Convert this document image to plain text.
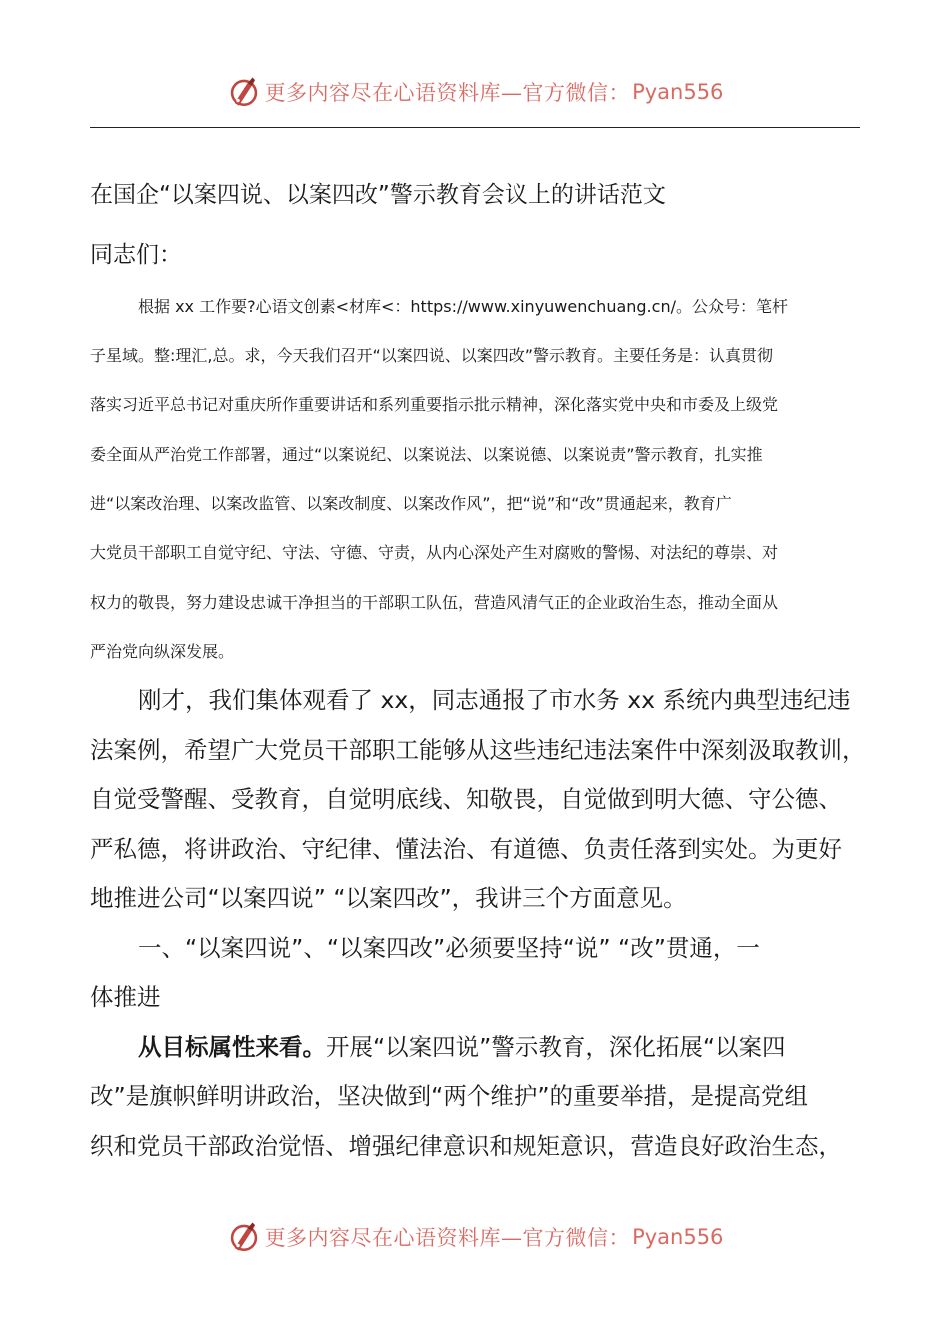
更多内容尽在心语资料库—官方微信： Pyan556
在国企“以案四说、以案四改”警示教育会议上的讲话范文
同志们：
根据 xx 工作要?心语文创素<材库<：https://www.xinyuwenchuang.cn/。公众号：笔杆
子星域。整:理汇,总。求，今天我们召开“以案四说、以案四改”警示教育。主要任务是：认真贯彻
落实习近平总书记对重庆所作重要讲话和系列重要指示批示精神，深化落实党中央和市委及上级党
委全面从严治党工作部署，通过“以案说纪、以案说法、以案说德、以案说责”警示教育，扎实推
进“以案改治理、以案改监管、以案改制度、以案改作风”，把“说”和“改”贯通起来，教育广
大党员干部职工自觉守纪、守法、守德、守责，从内心深处产生对腐败的警惕、对法纪的尊崇、对
权力的敬畏，努力建设忠诚干净担当的干部职工队伍，营造风清气正的企业政治生态，推动全面从
严治党向纵深发展。
刚才，我们集体观看了 xx，同志通报了市水务 xx 系统内典型违纪违
法案例，希望广大党员干部职工能够从这些违纪违法案件中深刻汲取教训，
自觉受警醒、受教育，自觉明底线、知敬畏，自觉做到明大德、守公德、
严私德，将讲政治、守纪律、懂法治、有道德、负责任落到实处。为更好
地推进公司“以案四说” “以案四改”，我讲三个方面意见。
一、“以案四说”、“以案四改”必须要坚持“说” “改”贯通，一
体推进
从目标属性来看。开展“以案四说”警示教育，深化拓展“以案四
改”是旗帜鲜明讲政治，坚决做到“两个维护”的重要举措，是提高党组
织和党员干部政治觉悟、增强纪律意识和规矩意识，营造良好政治生态，
更多内容尽在心语资料库—官方微信： Pyan556
